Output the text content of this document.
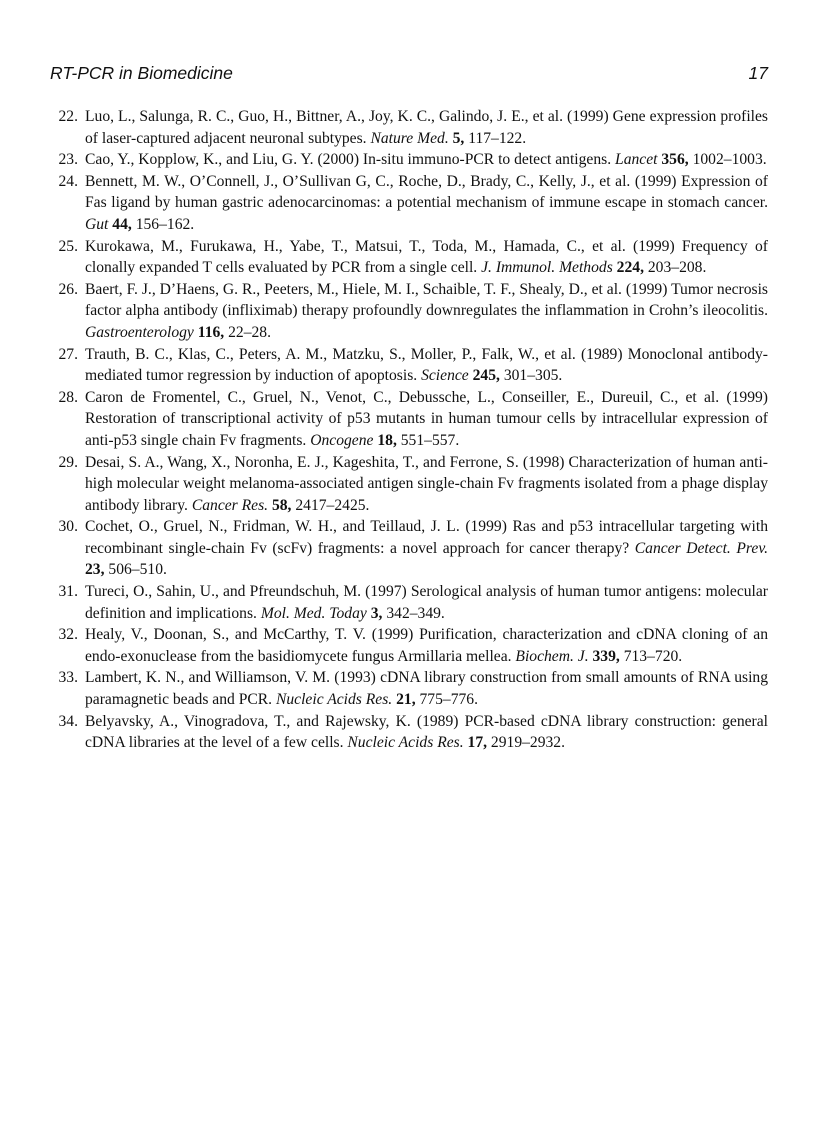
RT-PCR in Biomedicine	17
22. Luo, L., Salunga, R. C., Guo, H., Bittner, A., Joy, K. C., Galindo, J. E., et al. (1999) Gene expression profiles of laser-captured adjacent neuronal subtypes. Nature Med. 5, 117–122.
23. Cao, Y., Kopplow, K., and Liu, G. Y. (2000) In-situ immuno-PCR to detect antigens. Lancet 356, 1002–1003.
24. Bennett, M. W., O’Connell, J., O’Sullivan G, C., Roche, D., Brady, C., Kelly, J., et al. (1999) Expression of Fas ligand by human gastric adenocarcinomas: a potential mechanism of immune escape in stomach cancer. Gut 44, 156–162.
25. Kurokawa, M., Furukawa, H., Yabe, T., Matsui, T., Toda, M., Hamada, C., et al. (1999) Frequency of clonally expanded T cells evaluated by PCR from a single cell. J. Immunol. Methods 224, 203–208.
26. Baert, F. J., D’Haens, G. R., Peeters, M., Hiele, M. I., Schaible, T. F., Shealy, D., et al. (1999) Tumor necrosis factor alpha antibody (infliximab) therapy profoundly downregulates the inflammation in Crohn’s ileocolitis. Gastroenterology 116, 22–28.
27. Trauth, B. C., Klas, C., Peters, A. M., Matzku, S., Moller, P., Falk, W., et al. (1989) Monoclonal antibody-mediated tumor regression by induction of apoptosis. Science 245, 301–305.
28. Caron de Fromentel, C., Gruel, N., Venot, C., Debussche, L., Conseiller, E., Dureuil, C., et al. (1999) Restoration of transcriptional activity of p53 mutants in human tumour cells by intracellular expression of anti-p53 single chain Fv fragments. Oncogene 18, 551–557.
29. Desai, S. A., Wang, X., Noronha, E. J., Kageshita, T., and Ferrone, S. (1998) Characterization of human anti-high molecular weight melanoma-associated antigen single-chain Fv fragments isolated from a phage display antibody library. Cancer Res. 58, 2417–2425.
30. Cochet, O., Gruel, N., Fridman, W. H., and Teillaud, J. L. (1999) Ras and p53 intracellular targeting with recombinant single-chain Fv (scFv) fragments: a novel approach for cancer therapy? Cancer Detect. Prev. 23, 506–510.
31. Tureci, O., Sahin, U., and Pfreundschuh, M. (1997) Serological analysis of human tumor antigens: molecular definition and implications. Mol. Med. Today 3, 342–349.
32. Healy, V., Doonan, S., and McCarthy, T. V. (1999) Purification, characterization and cDNA cloning of an endo-exonuclease from the basidiomycete fungus Armillaria mellea. Biochem. J. 339, 713–720.
33. Lambert, K. N., and Williamson, V. M. (1993) cDNA library construction from small amounts of RNA using paramagnetic beads and PCR. Nucleic Acids Res. 21, 775–776.
34. Belyavsky, A., Vinogradova, T., and Rajewsky, K. (1989) PCR-based cDNA library construction: general cDNA libraries at the level of a few cells. Nucleic Acids Res. 17, 2919–2932.
